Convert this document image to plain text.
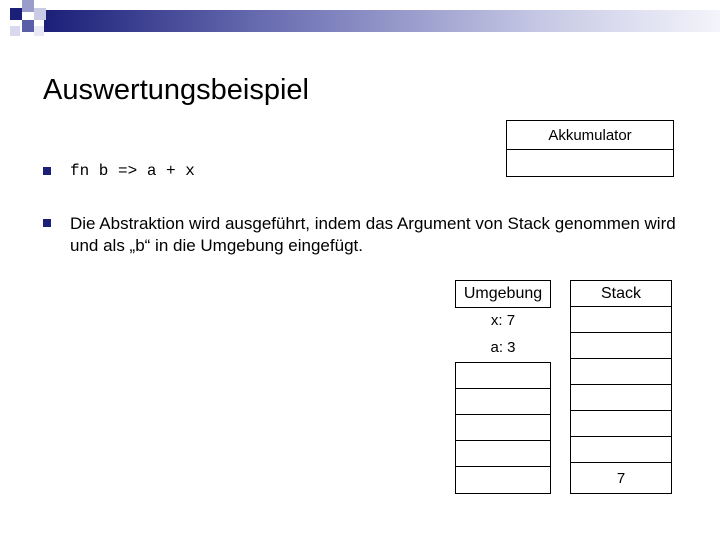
Auswertungsbeispiel
Akkumulator
fn b => a + x
Die Abstraktion wird ausgeführt, indem das Argument von Stack genommen wird und als „b“ in die Umgebung eingefügt.
Umgebung
x: 7
a: 3
7
Stack
